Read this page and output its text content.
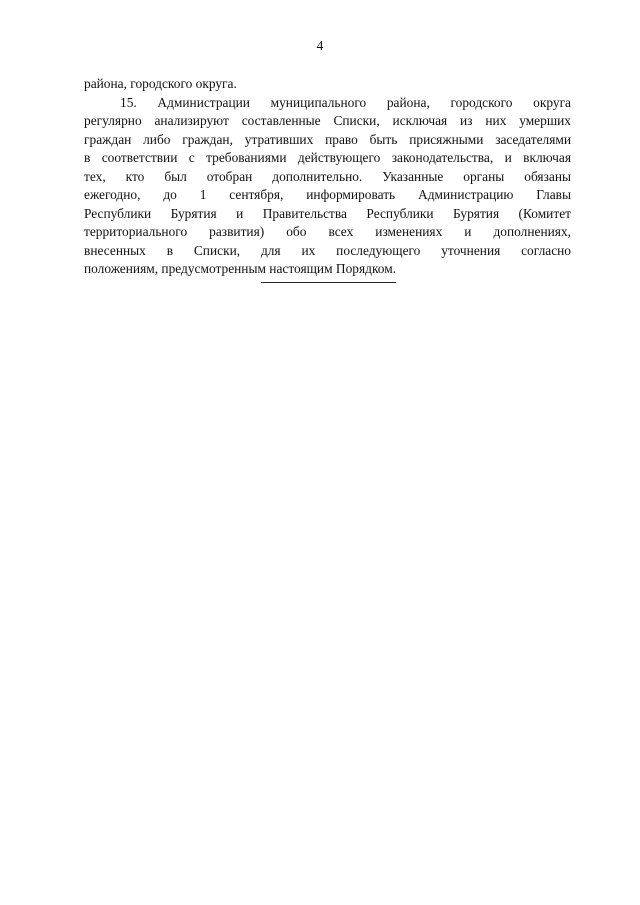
4
района, городского округа.
15. Администрации муниципального района, городского округа
регулярно анализируют составленные Списки, исключая из них умерших
граждан либо граждан, утративших право быть присяжными заседателями
в соответствии с требованиями действующего законодательства, и включая
тех, кто был отобран дополнительно. Указанные органы обязаны
ежегодно, до 1 сентября, информировать Администрацию Главы
Республики Бурятия и Правительства Республики Бурятия (Комитет
территориального развития) обо всех изменениях и дополнениях,
внесенных в Списки, для их последующего уточнения согласно
положениям, предусмотренным настоящим Порядком.
